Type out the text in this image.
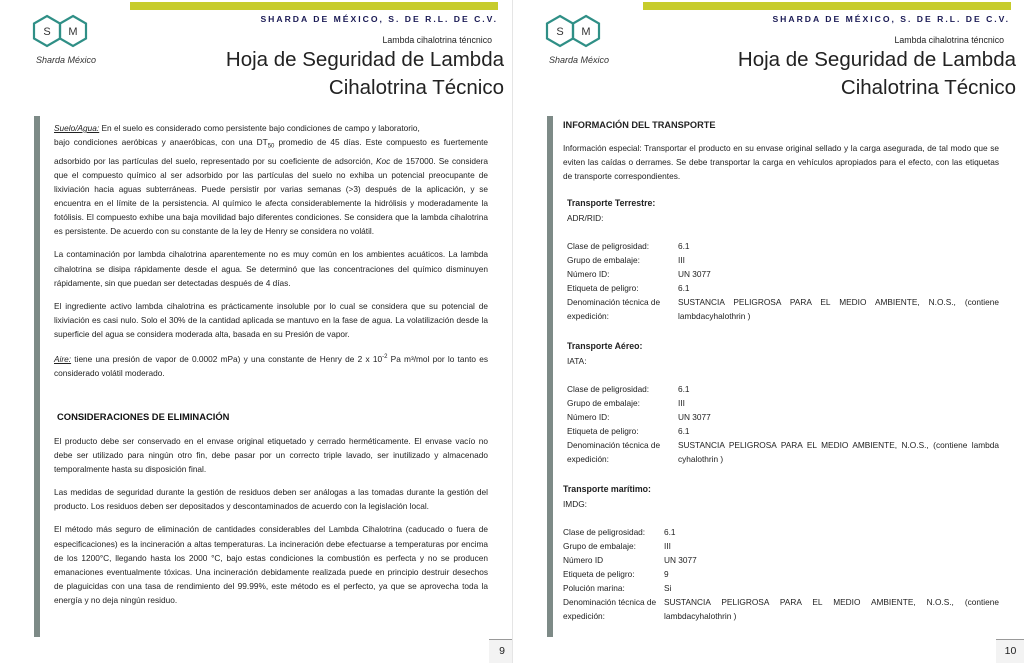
SHARDA DE MÉXICO, S. DE R.L. DE C.V.
S M
Sharda México
Lambda cihalotrina téncnico
Hoja de Seguridad de Lambda Cihalotrina Técnico

Suelo/Agua: En el suelo es considerado como persistente bajo condiciones de campo y laboratorio,
bajo condiciones aeróbicas y anaeróbicas, con una $DT_{50}$ promedio de 45 días. Este compuesto es fuertemente adsorbido por las partículas del suelo, representado por su coeficiente de adsorción, Koc de 157000. Se considera que el compuesto químico al ser adsorbido por las partículas del suelo no exhiba un potencial preocupante de lixiviación hacia aguas subterráneas. Puede persistir por varias semanas (>3) después de la aplicación, y se encuentra en el límite de la persistencia. Al químico le afecta considerablemente la hidrólisis y moderadamente la fotólisis. El compuesto exhibe una baja movilidad bajo diferentes condiciones. Se considera que la lambda cihalotrina es persistente. De acuerdo con su constante de la ley de Henry se considera no volátil.

La contaminación por lambda cihalotrina aparentemente no es muy común en los ambientes acuáticos. La lambda cihalotrina se disipa rápidamente desde el agua. Se determinó que las concentraciones del químico disminuyen rápidamente, sin que puedan ser detectadas después de 4 días.

El ingrediente activo lambda cihalotrina es prácticamente insoluble por lo cual se considera que su potencial de lixiviación es casi nulo. Solo el 30% de la cantidad aplicada se mantuvo en la fase de agua. La volatilización desde la superficie del agua se considera moderada alta, basada en su Presión de vapor.

Aire: tiene una presión de vapor de 0.0002 mPa) y una constante de Henry de 2 x $10^{-2}$ Pa m³/mol por lo tanto es considerado volátil moderado.

CONSIDERACIONES DE ELIMINACIÓN

El producto debe ser conservado en el envase original etiquetado y cerrado herméticamente. El envase vacío no debe ser utilizado para ningún otro fin, debe pasar por un correcto triple lavado, ser inutilizado y almacenado temporalmente hasta su disposición final.

Las medidas de seguridad durante la gestión de residuos deben ser análogas a las tomadas durante la gestión del producto. Los residuos deben ser depositados y descontaminados de acuerdo con la legislación local.

El método más seguro de eliminación de cantidades considerables del Lambda Cihalotrina (caducado o fuera de especificaciones) es la incineración a altas temperaturas. La incineración debe efectuarse a temperaturas por encima de los 1200°C, llegando hasta los 2000 °C, bajo estas condiciones la combustión es perfecta y no se producen emanaciones eventualmente tóxicas. Una incineración debidamente realizada puede en principio destruir desechos de plaguicidas con una tasa de rendimiento del 99.99%, este método es el perfecto, ya que se aprovecha toda la energía y no deja ningún residuo.

9
SHARDA DE MÉXICO, S. DE R.L. DE C.V.
S M
Sharda México
Lambda cihalotrina téncnico
Hoja de Seguridad de Lambda Cihalotrina Técnico
INFORMACIÓN DEL TRANSPORTE

Información especial: Transportar el producto en su envase original sellado y la carga asegurada, de tal modo que se eviten las caídas o derrames. Se debe transportar la carga en vehículos apropiados para el efecto, con las etiquetas de transporte correspondientes.

Transporte Terrestre:
ADR/RID:
Clase de peligrosidad:	6.1
Grupo de embalaje:	III
Número ID:	UN 3077
Etiqueta de peligro:	6.1
Denominación técnica de expedición:
SUSTANCIA PELIGROSA PARA EL MEDIO AMBIENTE, N.O.S., (contiene lambdacyhalothrin )
Transporte Aéreo:
IATA:
Clase de peligrosidad:	6.1
Grupo de embalaje:	III
Número ID:	UN 3077
Etiqueta de peligro:	6.1
Denominación técnica de expedición:
SUSTANCIA PELIGROSA PARA EL MEDIO AMBIENTE, N.O.S., (contiene lambda cyhalothrin )
Transporte marítimo:
IMDG:
Clase de peligrosidad:	6.1
Grupo de embalaje:	III
Número ID	UN 3077
Etiqueta de peligro:	9
Polución marina:	Si
Denominación técnica de expedición:
SUSTANCIA PELIGROSA PARA EL MEDIO AMBIENTE, N.O.S., (contiene lambdacyhalothrin )
10
